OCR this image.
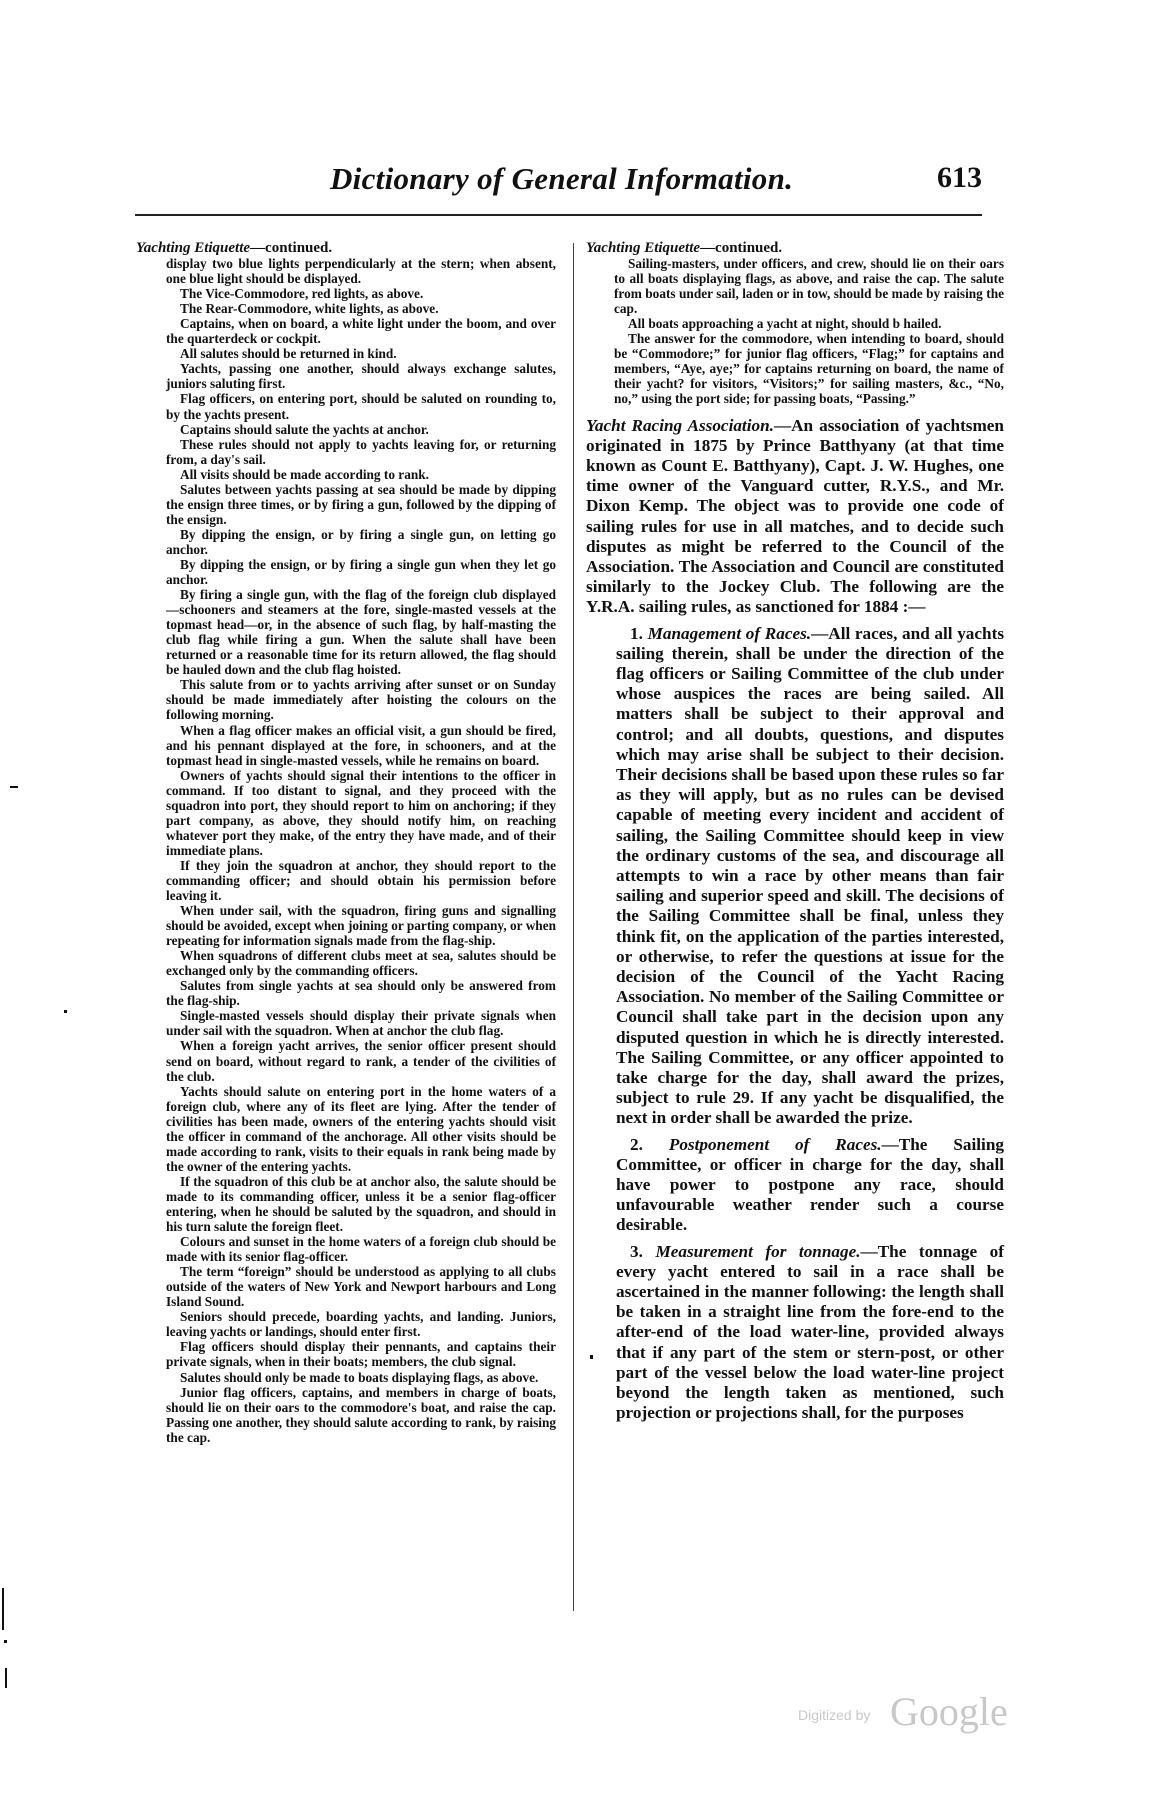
Dictionary of General Information.	613

Yachting Etiquette—continued.

display two blue lights perpendicularly at the stern; when absent, one blue light should be displayed.

The Vice-Commodore, red lights, as above.

The Rear-Commodore, white lights, as above.

Captains, when on board, a white light under the boom, and over the quarterdeck or cockpit.

All salutes should be returned in kind.

Yachts, passing one another, should always exchange salutes, juniors saluting first.

Flag officers, on entering port, should be saluted on rounding to, by the yachts present.

Captains should salute the yachts at anchor.

These rules should not apply to yachts leaving for, or returning from, a day's sail.

All visits should be made according to rank.

Salutes between yachts passing at sea should be made by dipping the ensign three times, or by firing a gun, followed by the dipping of the ensign.

By dipping the ensign, or by firing a single gun, on letting go anchor.

By dipping the ensign, or by firing a single gun when they let go anchor.

By firing a single gun, with the flag of the foreign club displayed—schooners and steamers at the fore, single-masted vessels at the topmast head—or, in the absence of such flag, by half-masting the club flag while firing a gun. When the salute shall have been returned or a reasonable time for its return allowed, the flag should be hauled down and the club flag hoisted.

This salute from or to yachts arriving after sunset or on Sunday should be made immediately after hoisting the colours on the following morning.

When a flag officer makes an official visit, a gun should be fired, and his pennant displayed at the fore, in schooners, and at the topmast head in single-masted vessels, while he remains on board.

Owners of yachts should signal their intentions to the officer in command. If too distant to signal, and they proceed with the squadron into port, they should report to him on anchoring; if they part company, as above, they should notify him, on reaching whatever port they make, of the entry they have made, and of their immediate plans.

If they join the squadron at anchor, they should report to the commanding officer; and should obtain his permission before leaving it.

When under sail, with the squadron, firing guns and signalling should be avoided, except when joining or parting company, or when repeating for information signals made from the flag-ship.

When squadrons of different clubs meet at sea, salutes should be exchanged only by the commanding officers.

Salutes from single yachts at sea should only be answered from the flag-ship.

Single-masted vessels should display their private signals when under sail with the squadron. When at anchor the club flag.

When a foreign yacht arrives, the senior officer present should send on board, without regard to rank, a tender of the civilities of the club.

Yachts should salute on entering port in the home waters of a foreign club, where any of its fleet are lying. After the tender of civilities has been made, owners of the entering yachts should visit the officer in command of the anchorage. All other visits should be made according to rank, visits to their equals in rank being made by the owner of the entering yachts.

If the squadron of this club be at anchor also, the salute should be made to its commanding officer, unless it be a senior flag-officer entering, when he should be saluted by the squadron, and should in his turn salute the foreign fleet.

Colours and sunset in the home waters of a foreign club should be made with its senior flag-officer.

The term “foreign” should be understood as applying to all clubs outside of the waters of New York and Newport harbours and Long Island Sound.

Seniors should precede, boarding yachts, and landing. Juniors, leaving yachts or landings, should enter first.

Flag officers should display their pennants, and captains their private signals, when in their boats; members, the club signal.

Salutes should only be made to boats displaying flags, as above.

Junior flag officers, captains, and members in charge of boats, should lie on their oars to the commodore's boat, and raise the cap. Passing one another, they should salute according to rank, by raising the cap.

Yachting Etiquette—continued.

Sailing-masters, under officers, and crew, should lie on their oars to all boats displaying flags, as above, and raise the cap. The salute from boats under sail, laden or in tow, should be made by raising the cap.

All boats approaching a yacht at night, should b hailed.

The answer for the commodore, when intending to board, should be “Commodore;” for junior flag officers, “Flag;” for captains and members, “Aye, aye;” for captains returning on board, the name of their yacht? for visitors, “Visitors;” for sailing masters, &c., “No, no,” using the port side; for passing boats, “Passing.”

Yacht Racing Association.—An association of yachtsmen originated in 1875 by Prince Batthyany (at that time known as Count E. Batthyany), Capt. J. W. Hughes, one time owner of the Vanguard cutter, R.Y.S., and Mr. Dixon Kemp. The object was to provide one code of sailing rules for use in all matches, and to decide such disputes as might be referred to the Council of the Association. The Association and Council are constituted similarly to the Jockey Club. The following are the Y.R.A. sailing rules, as sanctioned for 1884 :—

1. Management of Races.—All races, and all yachts sailing therein, shall be under the direction of the flag officers or Sailing Committee of the club under whose auspices the races are being sailed. All matters shall be subject to their approval and control; and all doubts, questions, and disputes which may arise shall be subject to their decision. Their decisions shall be based upon these rules so far as they will apply, but as no rules can be devised capable of meeting every incident and accident of sailing, the Sailing Committee should keep in view the ordinary customs of the sea, and discourage all attempts to win a race by other means than fair sailing and superior speed and skill. The decisions of the Sailing Committee shall be final, unless they think fit, on the application of the parties interested, or otherwise, to refer the questions at issue for the decision of the Council of the Yacht Racing Association. No member of the Sailing Committee or Council shall take part in the decision upon any disputed question in which he is directly interested. The Sailing Committee, or any officer appointed to take charge for the day, shall award the prizes, subject to rule 29. If any yacht be disqualified, the next in order shall be awarded the prize.

2. Postponement of Races.—The Sailing Committee, or officer in charge for the day, shall have power to postpone any race, should unfavourable weather render such a course desirable.

3. Measurement for tonnage.—The tonnage of every yacht entered to sail in a race shall be ascertained in the manner following: the length shall be taken in a straight line from the fore-end to the after-end of the load water-line, provided always that if any part of the stem or stern-post, or other part of the vessel below the load water-line project beyond the length taken as mentioned, such projection or projections shall, for the purposes

Digitized by Google
